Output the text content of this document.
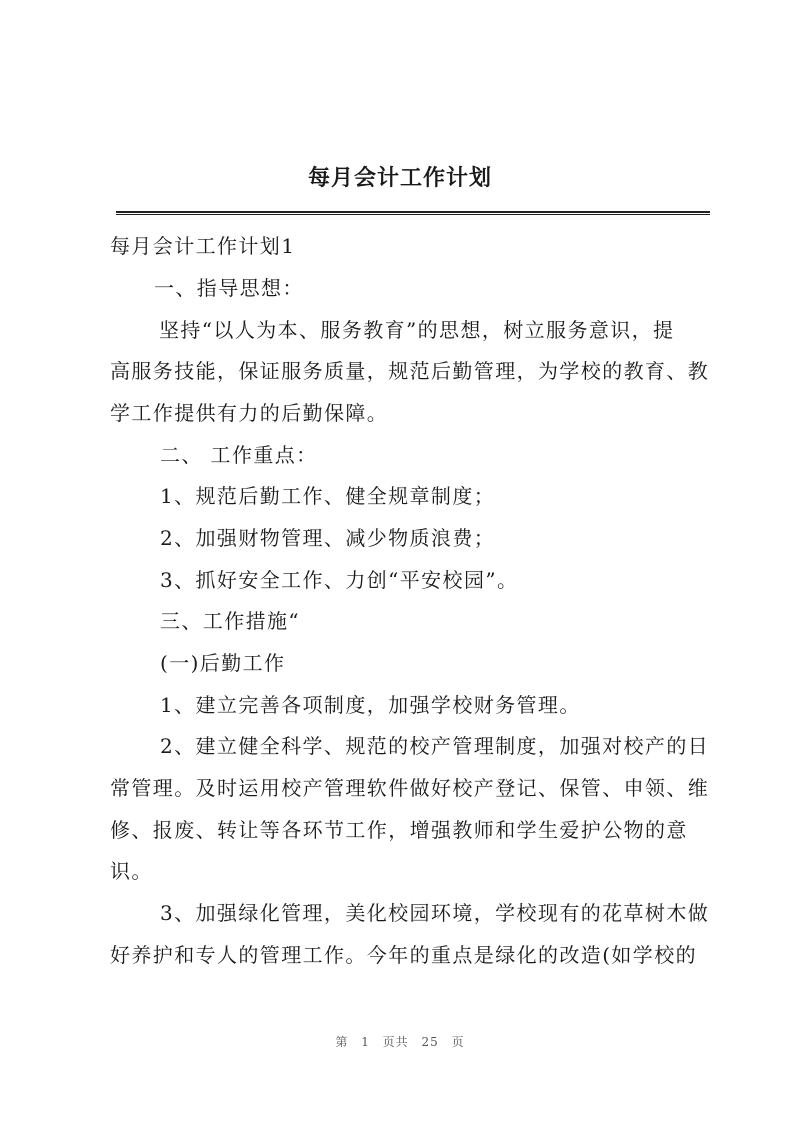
每月会计工作计划
每月会计工作计划1
一、指导思想：
坚持“以人为本、服务教育”的思想，树立服务意识，提
高服务技能，保证服务质量，规范后勤管理，为学校的教育、教
学工作提供有力的后勤保障。
二、 工作重点：
1、规范后勤工作、健全规章制度；
2、加强财物管理、减少物质浪费；
3、抓好安全工作、力创“平安校园”。
三、工作措施“
(一)后勤工作
1、建立完善各项制度，加强学校财务管理。
2、建立健全科学、规范的校产管理制度，加强对校产的日
常管理。及时运用校产管理软件做好校产登记、保管、申领、维
修、报废、转让等各环节工作，增强教师和学生爱护公物的意
识。
3、加强绿化管理，美化校园环境，学校现有的花草树木做
好养护和专人的管理工作。今年的重点是绿化的改造(如学校的
第 1 页共 25 页
